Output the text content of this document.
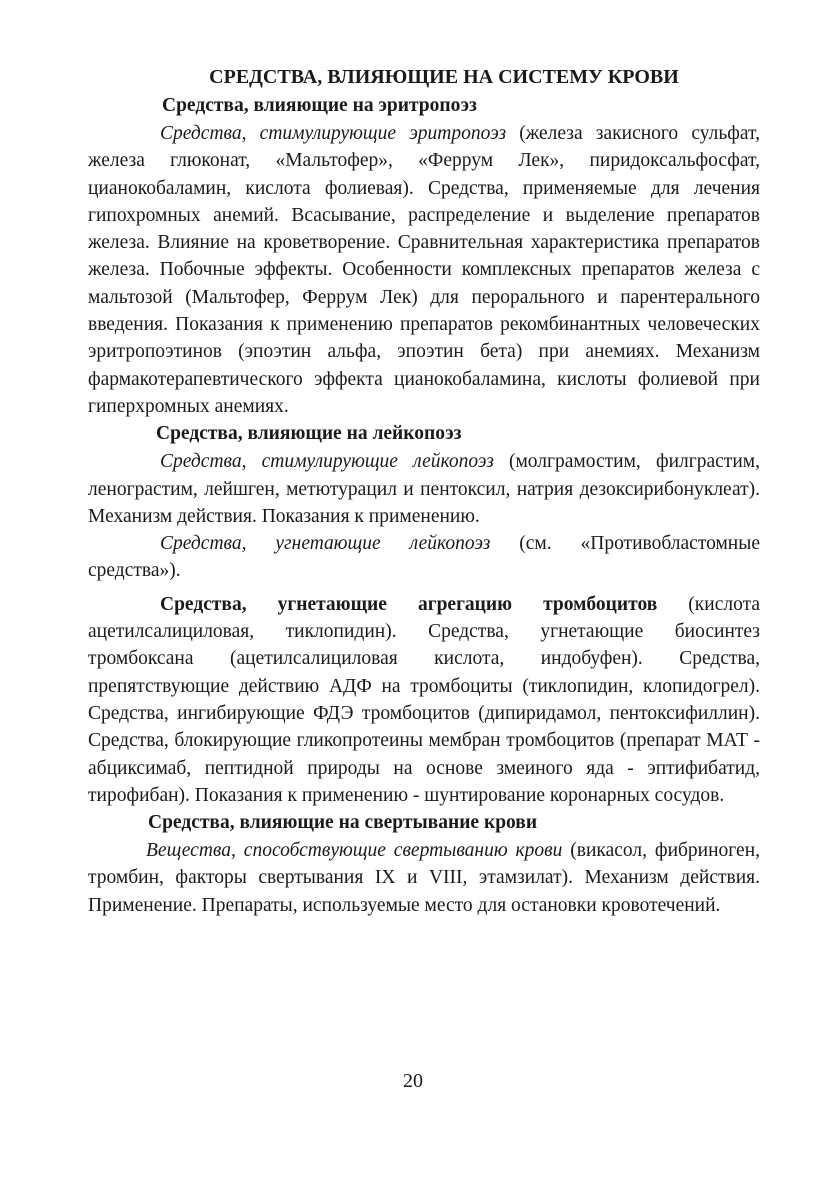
СРЕДСТВА, ВЛИЯЮЩИЕ НА СИСТЕМУ КРОВИ
Средства, влияющие на эритропоэз

Средства, стимулирующие эритропоэз (железа закисного сульфат, железа глюконат, «Мальтофер», «Феррум Лек», пиридоксальфосфат, цианокобаламин, кислота фолиевая). Средства, применяемые для лечения гипохромных анемий. Всасывание, распределение и выделение препаратов железа. Влияние на кроветворение. Сравнительная характеристика препаратов железа. Побочные эффекты. Особенности комплексных препаратов железа с мальтозой (Мальтофер, Феррум Лек) для перорального и парентерального введения. Показания к применению препаратов рекомбинантных человеческих эритропоэтинов (эпоэтин альфа, эпоэтин бета) при анемиях. Механизм фармакотерапевтического эффекта цианокобаламина, кислоты фолиевой при гиперхромных анемиях.

Средства, влияющие на лейкопоэз

Средства, стимулирующие лейкопоэз (молграмостим, филграстим, ленограстим, лейшген, метютурацил и пентоксил, натрия дезоксирибонуклеат). Механизм действия. Показания к применению.

Средства, угнетающие лейкопоэз (см. «Противобластомные средства»).

Средства, угнетающие агрегацию тромбоцитов (кислота ацетилсалициловая, тиклопидин). Средства, угнетающие биосинтез тромбоксана (ацетилсалициловая кислота, индобуфен). Средства, препятствующие действию АДФ на тромбоциты (тиклопидин, клопидогрел). Средства, ингибирующие ФДЭ тромбоцитов (дипиридамол, пентоксифиллин). Средства, блокирующие гликопротеины мембран тромбоцитов (препарат МАТ - абциксимаб, пептидной природы на основе змеиного яда - эптифибатид, тирофибан). Показания к применению - шунтирование коронарных сосудов.

Средства, влияющие на свертывание крови

Вещества, способствующие свертыванию крови (викасол, фибриноген, тромбин, факторы свертывания IX и VIII, этамзилат). Механизм действия. Применение. Препараты, используемые место для остановки кровотечений.

20
